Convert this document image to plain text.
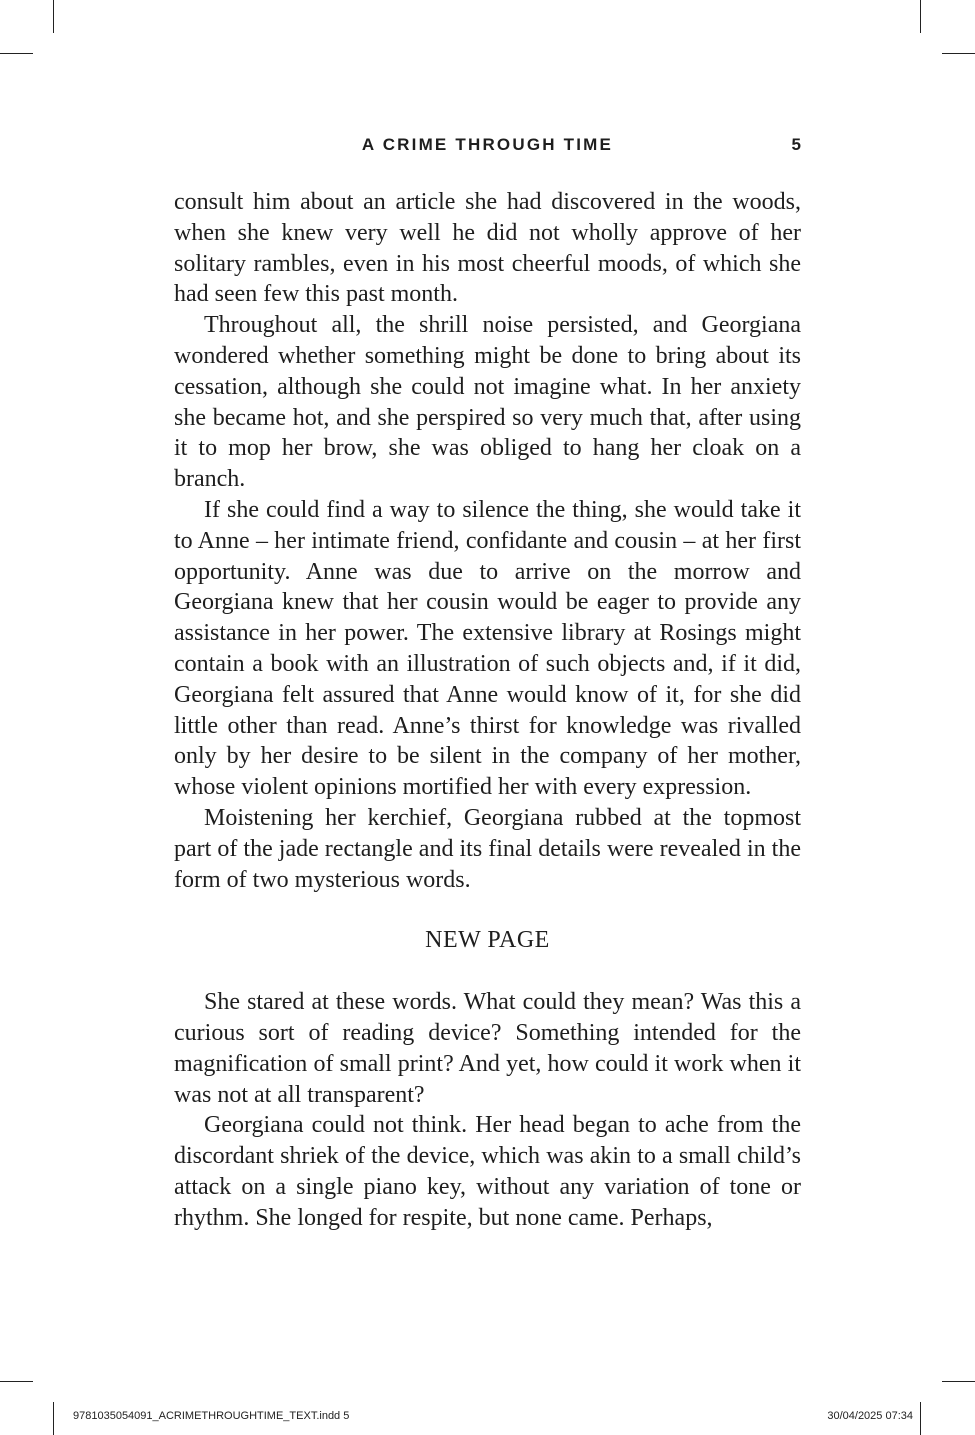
A CRIME THROUGH TIME	5

consult him about an article she had discovered in the woods, when she knew very well he did not wholly approve of her solitary rambles, even in his most cheerful moods, of which she had seen few this past month.

Throughout all, the shrill noise persisted, and Georgiana wondered whether something might be done to bring about its cessation, although she could not imagine what. In her anxiety she became hot, and she perspired so very much that, after using it to mop her brow, she was obliged to hang her cloak on a branch.

If she could find a way to silence the thing, she would take it to Anne – her intimate friend, confidante and cousin – at her first opportunity. Anne was due to arrive on the morrow and Georgiana knew that her cousin would be eager to provide any assistance in her power. The extensive library at Rosings might contain a book with an illustration of such objects and, if it did, Georgiana felt assured that Anne would know of it, for she did little other than read. Anne’s thirst for knowledge was rivalled only by her desire to be silent in the company of her mother, whose violent opinions mortified her with every expression.

Moistening her kerchief, Georgiana rubbed at the topmost part of the jade rectangle and its final details were revealed in the form of two mysterious words.

NEW PAGE

She stared at these words. What could they mean? Was this a curious sort of reading device? Something intended for the magnification of small print? And yet, how could it work when it was not at all transparent?

Georgiana could not think. Her head began to ache from the discordant shriek of the device, which was akin to a small child’s attack on a single piano key, without any variation of tone or rhythm. She longed for respite, but none came. Perhaps,

9781035054091_ACRIMETHROUGHTIME_TEXT.indd 5	30/04/2025 07:34
